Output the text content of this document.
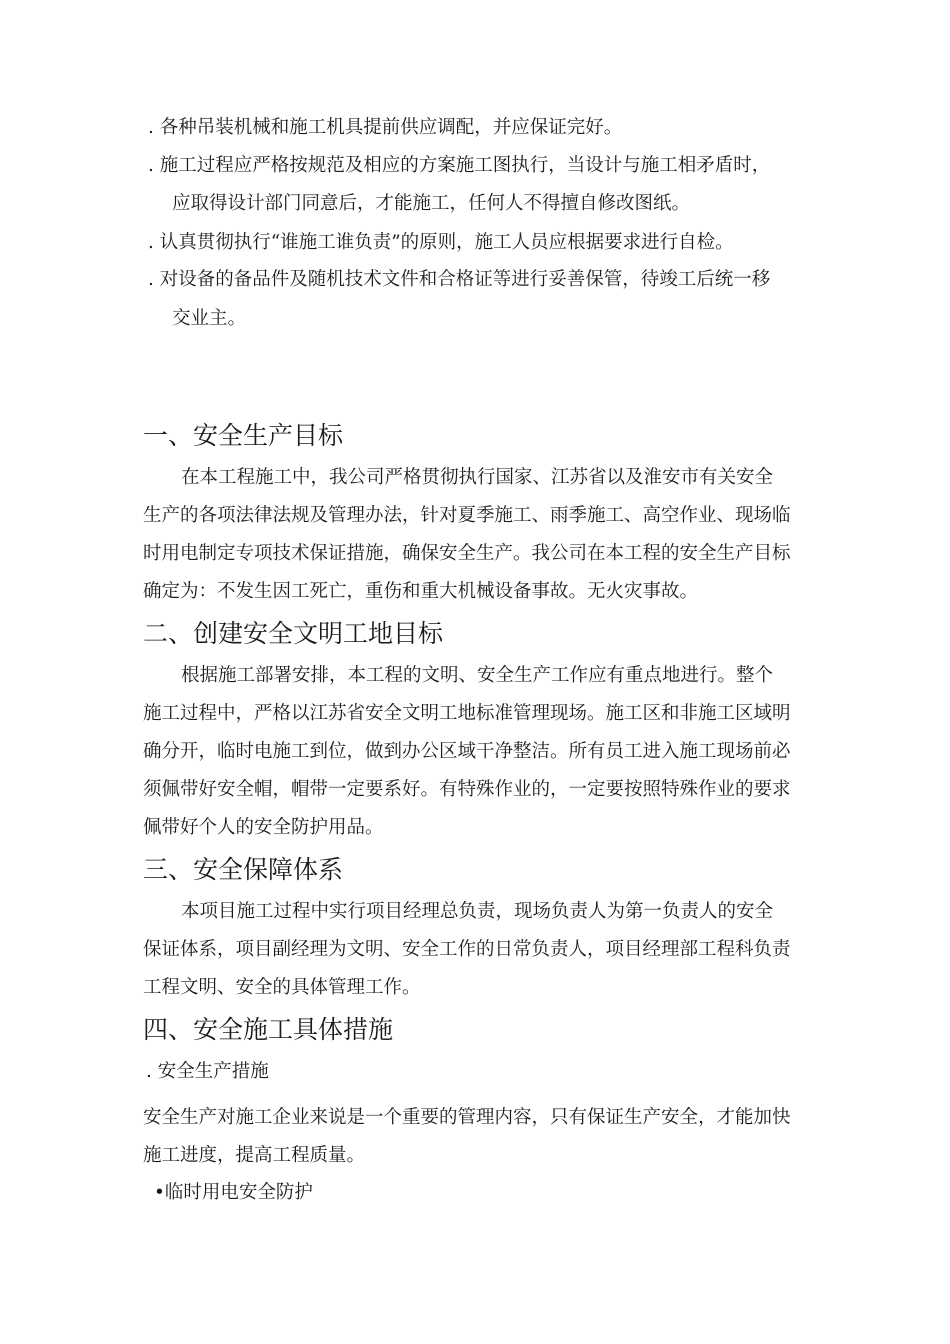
. 各种吊装机械和施工机具提前供应调配，并应保证完好。

. 施工过程应严格按规范及相应的方案施工图执行，当设计与施工相矛盾时，

应取得设计部门同意后，才能施工，任何人不得擅自修改图纸。

. 认真贯彻执行“谁施工谁负责”的原则，施工人员应根据要求进行自检。

. 对设备的备品件及随机技术文件和合格证等进行妥善保管，待竣工后统一移

交业主。

一、安全生产目标

在本工程施工中，我公司严格贯彻执行国家、江苏省以及淮安市有关安全

生产的各项法律法规及管理办法，针对夏季施工、雨季施工、高空作业、现场临

时用电制定专项技术保证措施，确保安全生产。我公司在本工程的安全生产目标

确定为：不发生因工死亡，重伤和重大机械设备事故。无火灾事故。

二、创建安全文明工地目标

根据施工部署安排，本工程的文明、安全生产工作应有重点地进行。整个

施工过程中，严格以江苏省安全文明工地标准管理现场。施工区和非施工区域明

确分开，临时电施工到位，做到办公区域干净整洁。所有员工进入施工现场前必

须佩带好安全帽，帽带一定要系好。有特殊作业的，一定要按照特殊作业的要求

佩带好个人的安全防护用品。

三、安全保障体系

本项目施工过程中实行项目经理总负责，现场负责人为第一负责人的安全

保证体系，项目副经理为文明、安全工作的日常负责人，项目经理部工程科负责

工程文明、安全的具体管理工作。

四、安全施工具体措施

. 安全生产措施

安全生产对施工企业来说是一个重要的管理内容，只有保证生产安全，才能加快

施工进度，提高工程质量。

•临时用电安全防护
